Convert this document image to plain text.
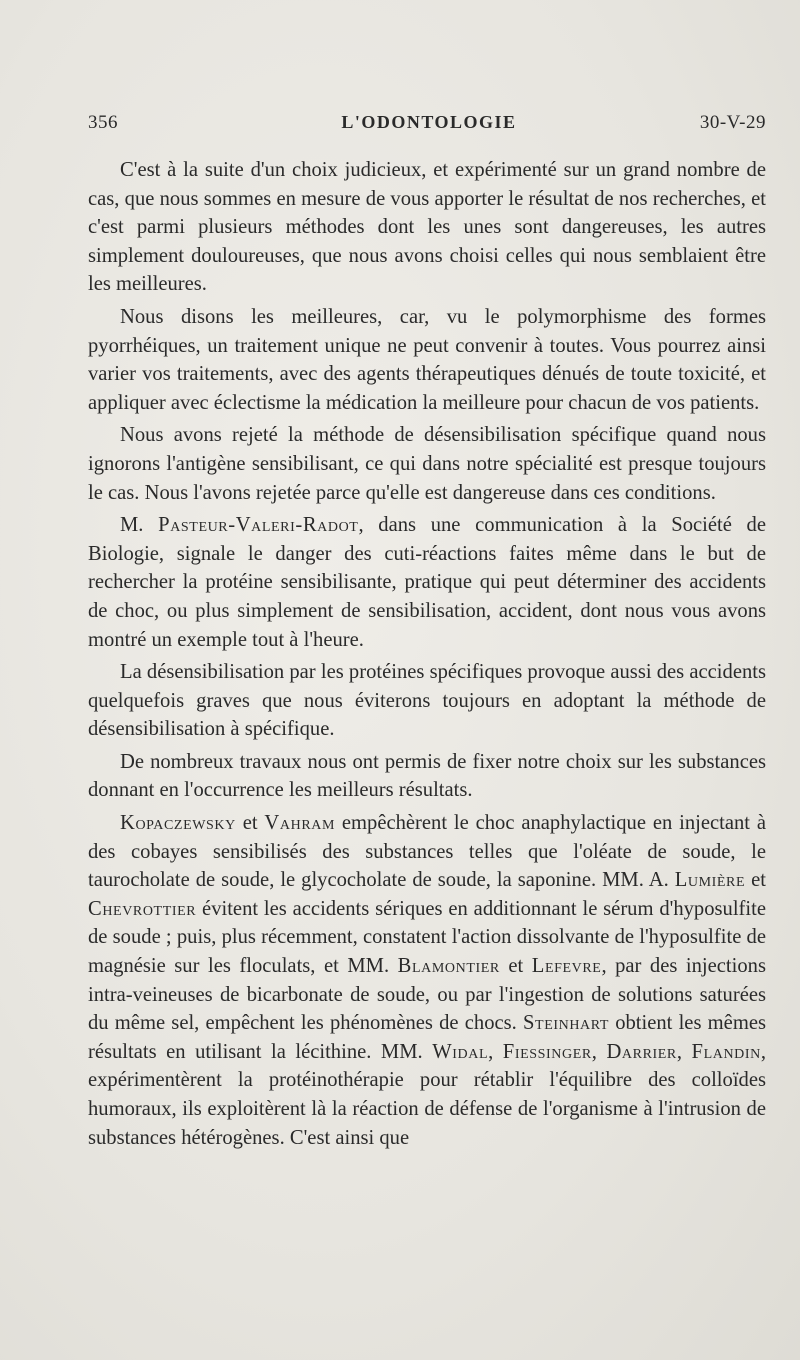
356	L'ODONTOLOGIE	30-V-29

C'est à la suite d'un choix judicieux, et expérimenté sur un grand nombre de cas, que nous sommes en mesure de vous apporter le résultat de nos recherches, et c'est parmi plusieurs méthodes dont les unes sont dangereuses, les autres simplement douloureuses, que nous avons choisi celles qui nous semblaient être les meilleures.

Nous disons les meilleures, car, vu le polymorphisme des formes pyorrhéiques, un traitement unique ne peut convenir à toutes. Vous pourrez ainsi varier vos traitements, avec des agents thérapeutiques dénués de toute toxicité, et appliquer avec éclectisme la médication la meilleure pour chacun de vos patients.

Nous avons rejeté la méthode de désensibilisation spécifique quand nous ignorons l'antigène sensibilisant, ce qui dans notre spécialité est presque toujours le cas. Nous l'avons rejetée parce qu'elle est dangereuse dans ces conditions.

M. Pasteur-Valeri-Radot, dans une communication à la Société de Biologie, signale le danger des cuti-réactions faites même dans le but de rechercher la protéine sensibilisante, pratique qui peut déterminer des accidents de choc, ou plus simplement de sensibilisation, accident, dont nous vous avons montré un exemple tout à l'heure.

La désensibilisation par les protéines spécifiques provoque aussi des accidents quelquefois graves que nous éviterons toujours en adoptant la méthode de désensibilisation à spécifique.

De nombreux travaux nous ont permis de fixer notre choix sur les substances donnant en l'occurrence les meilleurs résultats.

Kopaczewsky et Vahram empêchèrent le choc anaphylactique en injectant à des cobayes sensibilisés des substances telles que l'oléate de soude, le taurocholate de soude, le glycocholate de soude, la saponine. MM. A. Lumière et Chevrottier évitent les accidents sériques en additionnant le sérum d'hyposulfite de soude ; puis, plus récemment, constatent l'action dissolvante de l'hyposulfite de magnésie sur les floculats, et MM. Blamontier et Lefevre, par des injections intra-veineuses de bicarbonate de soude, ou par l'ingestion de solutions saturées du même sel, empêchent les phénomènes de chocs. Steinhart obtient les mêmes résultats en utilisant la lécithine. MM. Widal, Fiessinger, Darrier, Flandin, expérimentèrent la protéinothérapie pour rétablir l'équilibre des colloïdes humoraux, ils exploitèrent là la réaction de défense de l'organisme à l'intrusion de substances hétérogènes. C'est ainsi que
